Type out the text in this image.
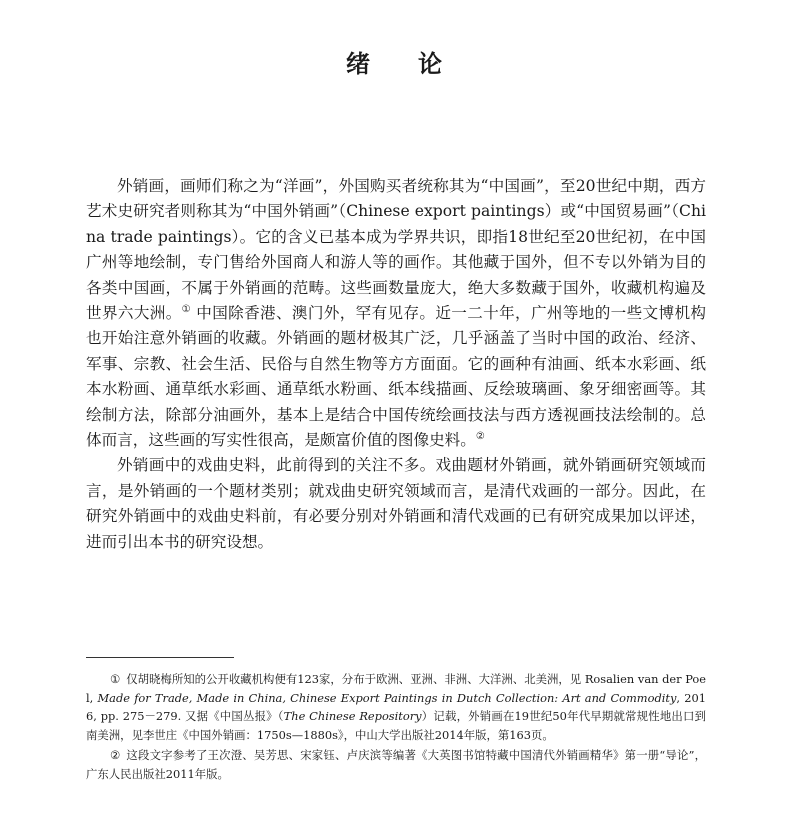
绪 论

外销画，画师们称之为“洋画”，外国购买者统称其为“中国画”，至20世纪中期，西方艺术史研究者则称其为“中国外销画”（Chinese export paintings）或“中国贸易画”（China trade paintings）。它的含义已基本成为学界共识，即指18世纪至20世纪初，在中国广州等地绘制，专门售给外国商人和游人等的画作。其他藏于国外，但不专以外销为目的各类中国画，不属于外销画的范畴。这些画数量庞大，绝大多数藏于国外，收藏机构遍及世界六大洲。① 中国除香港、澳门外，罕有见存。近一二十年，广州等地的一些文博机构也开始注意外销画的收藏。外销画的题材极其广泛，几乎涵盖了当时中国的政治、经济、军事、宗教、社会生活、民俗与自然生物等方方面面。它的画种有油画、纸本水彩画、纸本水粉画、通草纸水彩画、通草纸水粉画、纸本线描画、反绘玻璃画、象牙细密画等。其绘制方法，除部分油画外，基本上是结合中国传统绘画技法与西方透视画技法绘制的。总体而言，这些画的写实性很高，是颇富价值的图像史料。②

外销画中的戏曲史料，此前得到的关注不多。戏曲题材外销画，就外销画研究领域而言，是外销画的一个题材类别；就戏曲史研究领域而言，是清代戏画的一部分。因此，在研究外销画中的戏曲史料前，有必要分别对外销画和清代戏画的已有研究成果加以评述，进而引出本书的研究设想。

① 仅胡晓梅所知的公开收藏机构便有123家，分布于欧洲、亚洲、非洲、大洋洲、北美洲，见 Rosalien van der Poel, Made for Trade, Made in China, Chinese Export Paintings in Dutch Collection: Art and Commodity, 2016, pp. 275－279. 又据《中国丛报》（The Chinese Repository）记载，外销画在19世纪50年代早期就常规性地出口到南美洲，见李世庄《中国外销画：1750s—1880s》，中山大学出版社2014年版，第163页。

② 这段文字参考了王次澄、吴芳思、宋家钰、卢庆滨等编著《大英图书馆特藏中国清代外销画精华》第一册“导论”，广东人民出版社2011年版。
